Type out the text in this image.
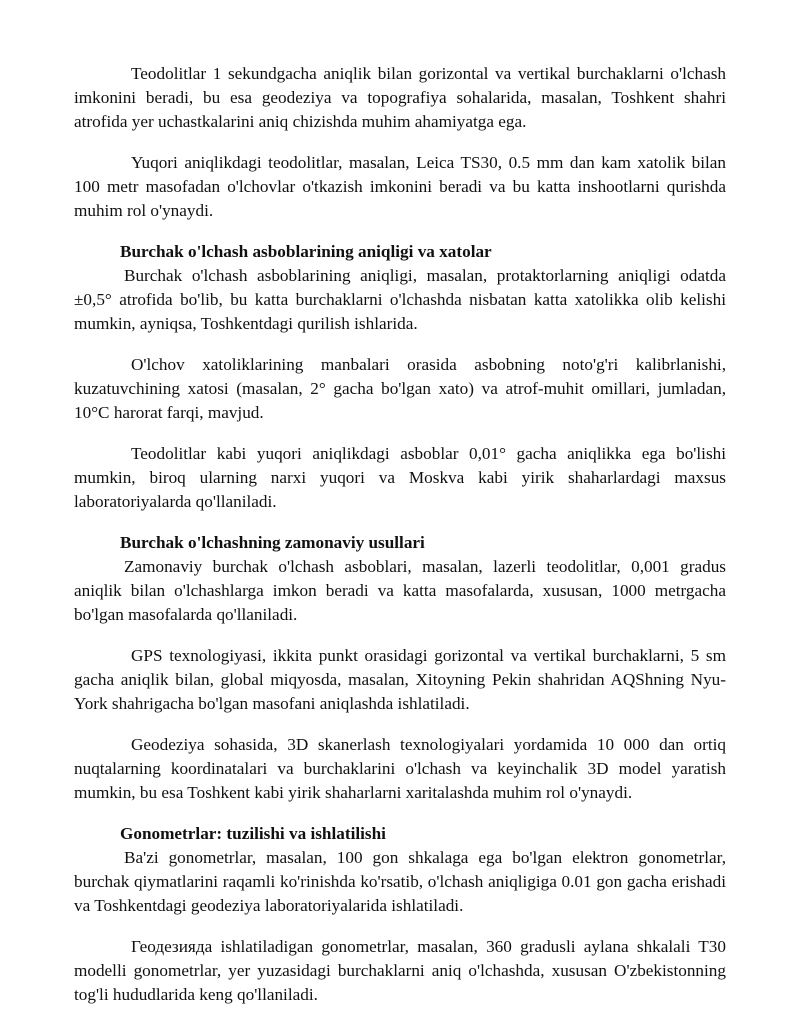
Teodolitlar 1 sekundgacha aniqlik bilan gorizontal va vertikal burchaklarni o'lchash imkonini beradi, bu esa geodeziya va topografiya sohalarida, masalan, Toshkent shahri atrofida yer uchastkalarini aniq chizishda muhim ahamiyatga ega.

Yuqori aniqlikdagi teodolitlar, masalan, Leica TS30, 0.5 mm dan kam xatolik bilan 100 metr masofadan o'lchovlar o'tkazish imkonini beradi va bu katta inshootlarni qurishda muhim rol o'ynaydi.

Burchak o'lchash asboblarining aniqligi va xatolar

Burchak o'lchash asboblarining aniqligi, masalan, protaktorlarning aniqligi odatda ±0,5° atrofida bo'lib, bu katta burchaklarni o'lchashda nisbatan katta xatolikka olib kelishi mumkin, ayniqsa, Toshkentdagi qurilish ishlarida.

O'lchov xatoliklarining manbalari orasida asbobning noto'g'ri kalibrlanishi, kuzatuvchining xatosi (masalan, 2° gacha bo'lgan xato) va atrof-muhit omillari, jumladan, 10°C harorat farqi, mavjud.

Teodolitlar kabi yuqori aniqlikdagi asboblar 0,01° gacha aniqlikka ega bo'lishi mumkin, biroq ularning narxi yuqori va Moskva kabi yirik shaharlardagi maxsus laboratoriyalarda qo'llaniladi.

Burchak o'lchashning zamonaviy usullari

Zamonaviy burchak o'lchash asboblari, masalan, lazerli teodolitlar, 0,001 gradus aniqlik bilan o'lchashlarga imkon beradi va katta masofalarda, xususan, 1000 metrgacha bo'lgan masofalarda qo'llaniladi.

GPS texnologiyasi, ikkita punkt orasidagi gorizontal va vertikal burchaklarni, 5 sm gacha aniqlik bilan, global miqyosda, masalan, Xitoyning Pekin shahridan AQShning Nyu-York shahrigacha bo'lgan masofani aniqlashda ishlatiladi.

Geodeziya sohasida, 3D skanerlash texnologiyalari yordamida 10 000 dan ortiq nuqtalarning koordinatalari va burchaklarini o'lchash va keyinchalik 3D model yaratish mumkin, bu esa Toshkent kabi yirik shaharlarni xaritalashda muhim rol o'ynaydi.

Gonometrlar: tuzilishi va ishlatilishi

Ba'zi gonometrlar, masalan, 100 gon shkalaga ega bo'lgan elektron gonometrlar, burchak qiymatlarini raqamli ko'rinishda ko'rsatib, o'lchash aniqligiga 0.01 gon gacha erishadi va Toshkentdagi geodeziya laboratoriyalarida ishlatiladi.

Геодезияда ishlatiladigan gonometrlar, masalan, 360 gradusli aylana shkalali T30 modelli gonometrlar, yer yuzasidagi burchaklarni aniq o'lchashda, xususan O'zbekistonning tog'li hududlarida keng qo'llaniladi.
